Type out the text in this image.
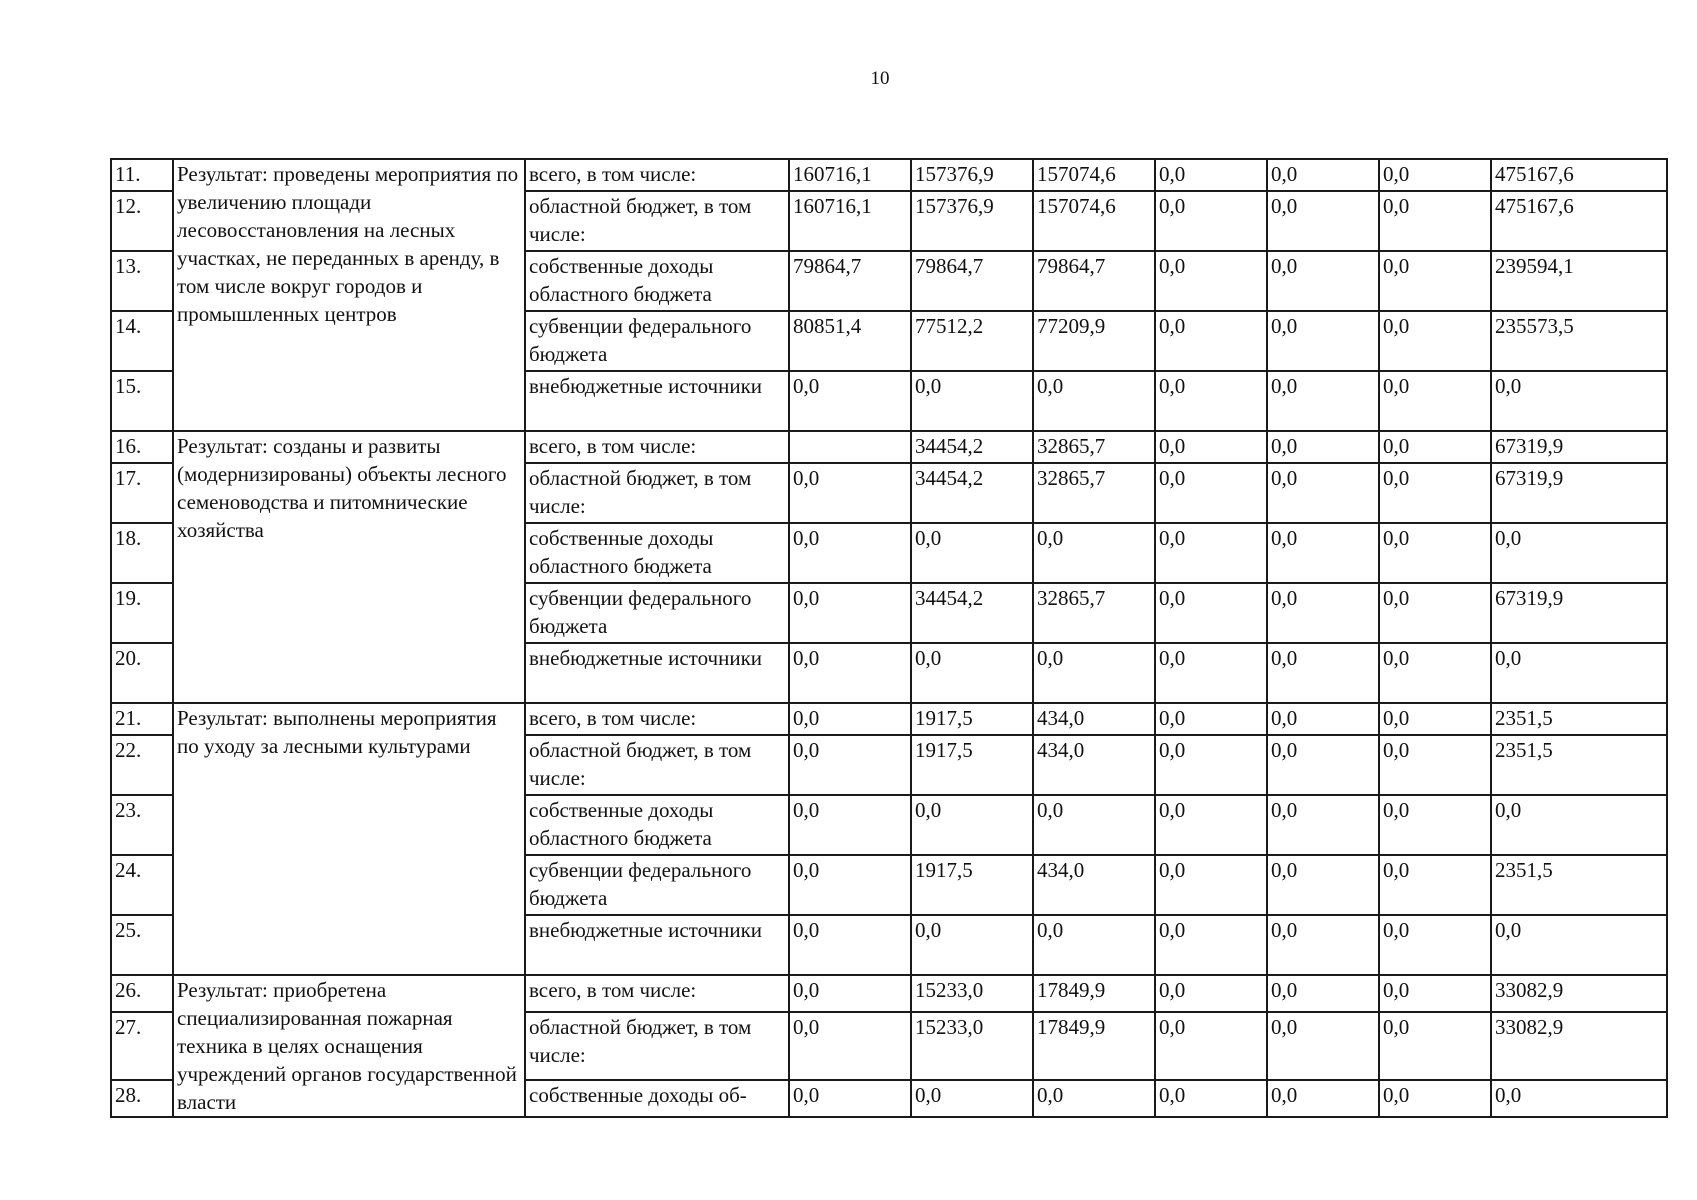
10
11.	Результат: проведены мероприятия по увеличению площади лесовосстановления на лесных участках, не переданных в аренду, в том числе вокруг городов и промышленных центров	всего, в том числе:	160716,1	157376,9	157074,6	0,0	0,0	0,0	475167,6
12.		областной бюджет, в том числе:	160716,1	157376,9	157074,6	0,0	0,0	0,0	475167,6
13.		собственные доходы областного бюджета	79864,7	79864,7	79864,7	0,0	0,0	0,0	239594,1
14.		субвенции федерального бюджета	80851,4	77512,2	77209,9	0,0	0,0	0,0	235573,5
15.		внебюджетные источники	0,0	0,0	0,0	0,0	0,0	0,0	0,0
16.	Результат: созданы и развиты (модернизированы) объекты лесного семеноводства и питомнические хозяйства	всего, в том числе:		34454,2	32865,7	0,0	0,0	0,0	67319,9
17.		областной бюджет, в том числе:	0,0	34454,2	32865,7	0,0	0,0	0,0	67319,9
18.		собственные доходы областного бюджета	0,0	0,0	0,0	0,0	0,0	0,0	0,0
19.		субвенции федерального бюджета	0,0	34454,2	32865,7	0,0	0,0	0,0	67319,9
20.		внебюджетные источники	0,0	0,0	0,0	0,0	0,0	0,0	0,0
21.	Результат: выполнены мероприятия по уходу за лесными культурами	всего, в том числе:	0,0	1917,5	434,0	0,0	0,0	0,0	2351,5
22.		областной бюджет, в том числе:	0,0	1917,5	434,0	0,0	0,0	0,0	2351,5
23.		собственные доходы областного бюджета	0,0	0,0	0,0	0,0	0,0	0,0	0,0
24.		субвенции федерального бюджета	0,0	1917,5	434,0	0,0	0,0	0,0	2351,5
25.		внебюджетные источники	0,0	0,0	0,0	0,0	0,0	0,0	0,0
26.	Результат: приобретена специализированная пожарная техника в целях оснащения учреждений органов государственной власти	всего, в том числе:	0,0	15233,0	17849,9	0,0	0,0	0,0	33082,9
27.		областной бюджет, в том числе:	0,0	15233,0	17849,9	0,0	0,0	0,0	33082,9
28.		собственные доходы об-	0,0	0,0	0,0	0,0	0,0	0,0	0,0
